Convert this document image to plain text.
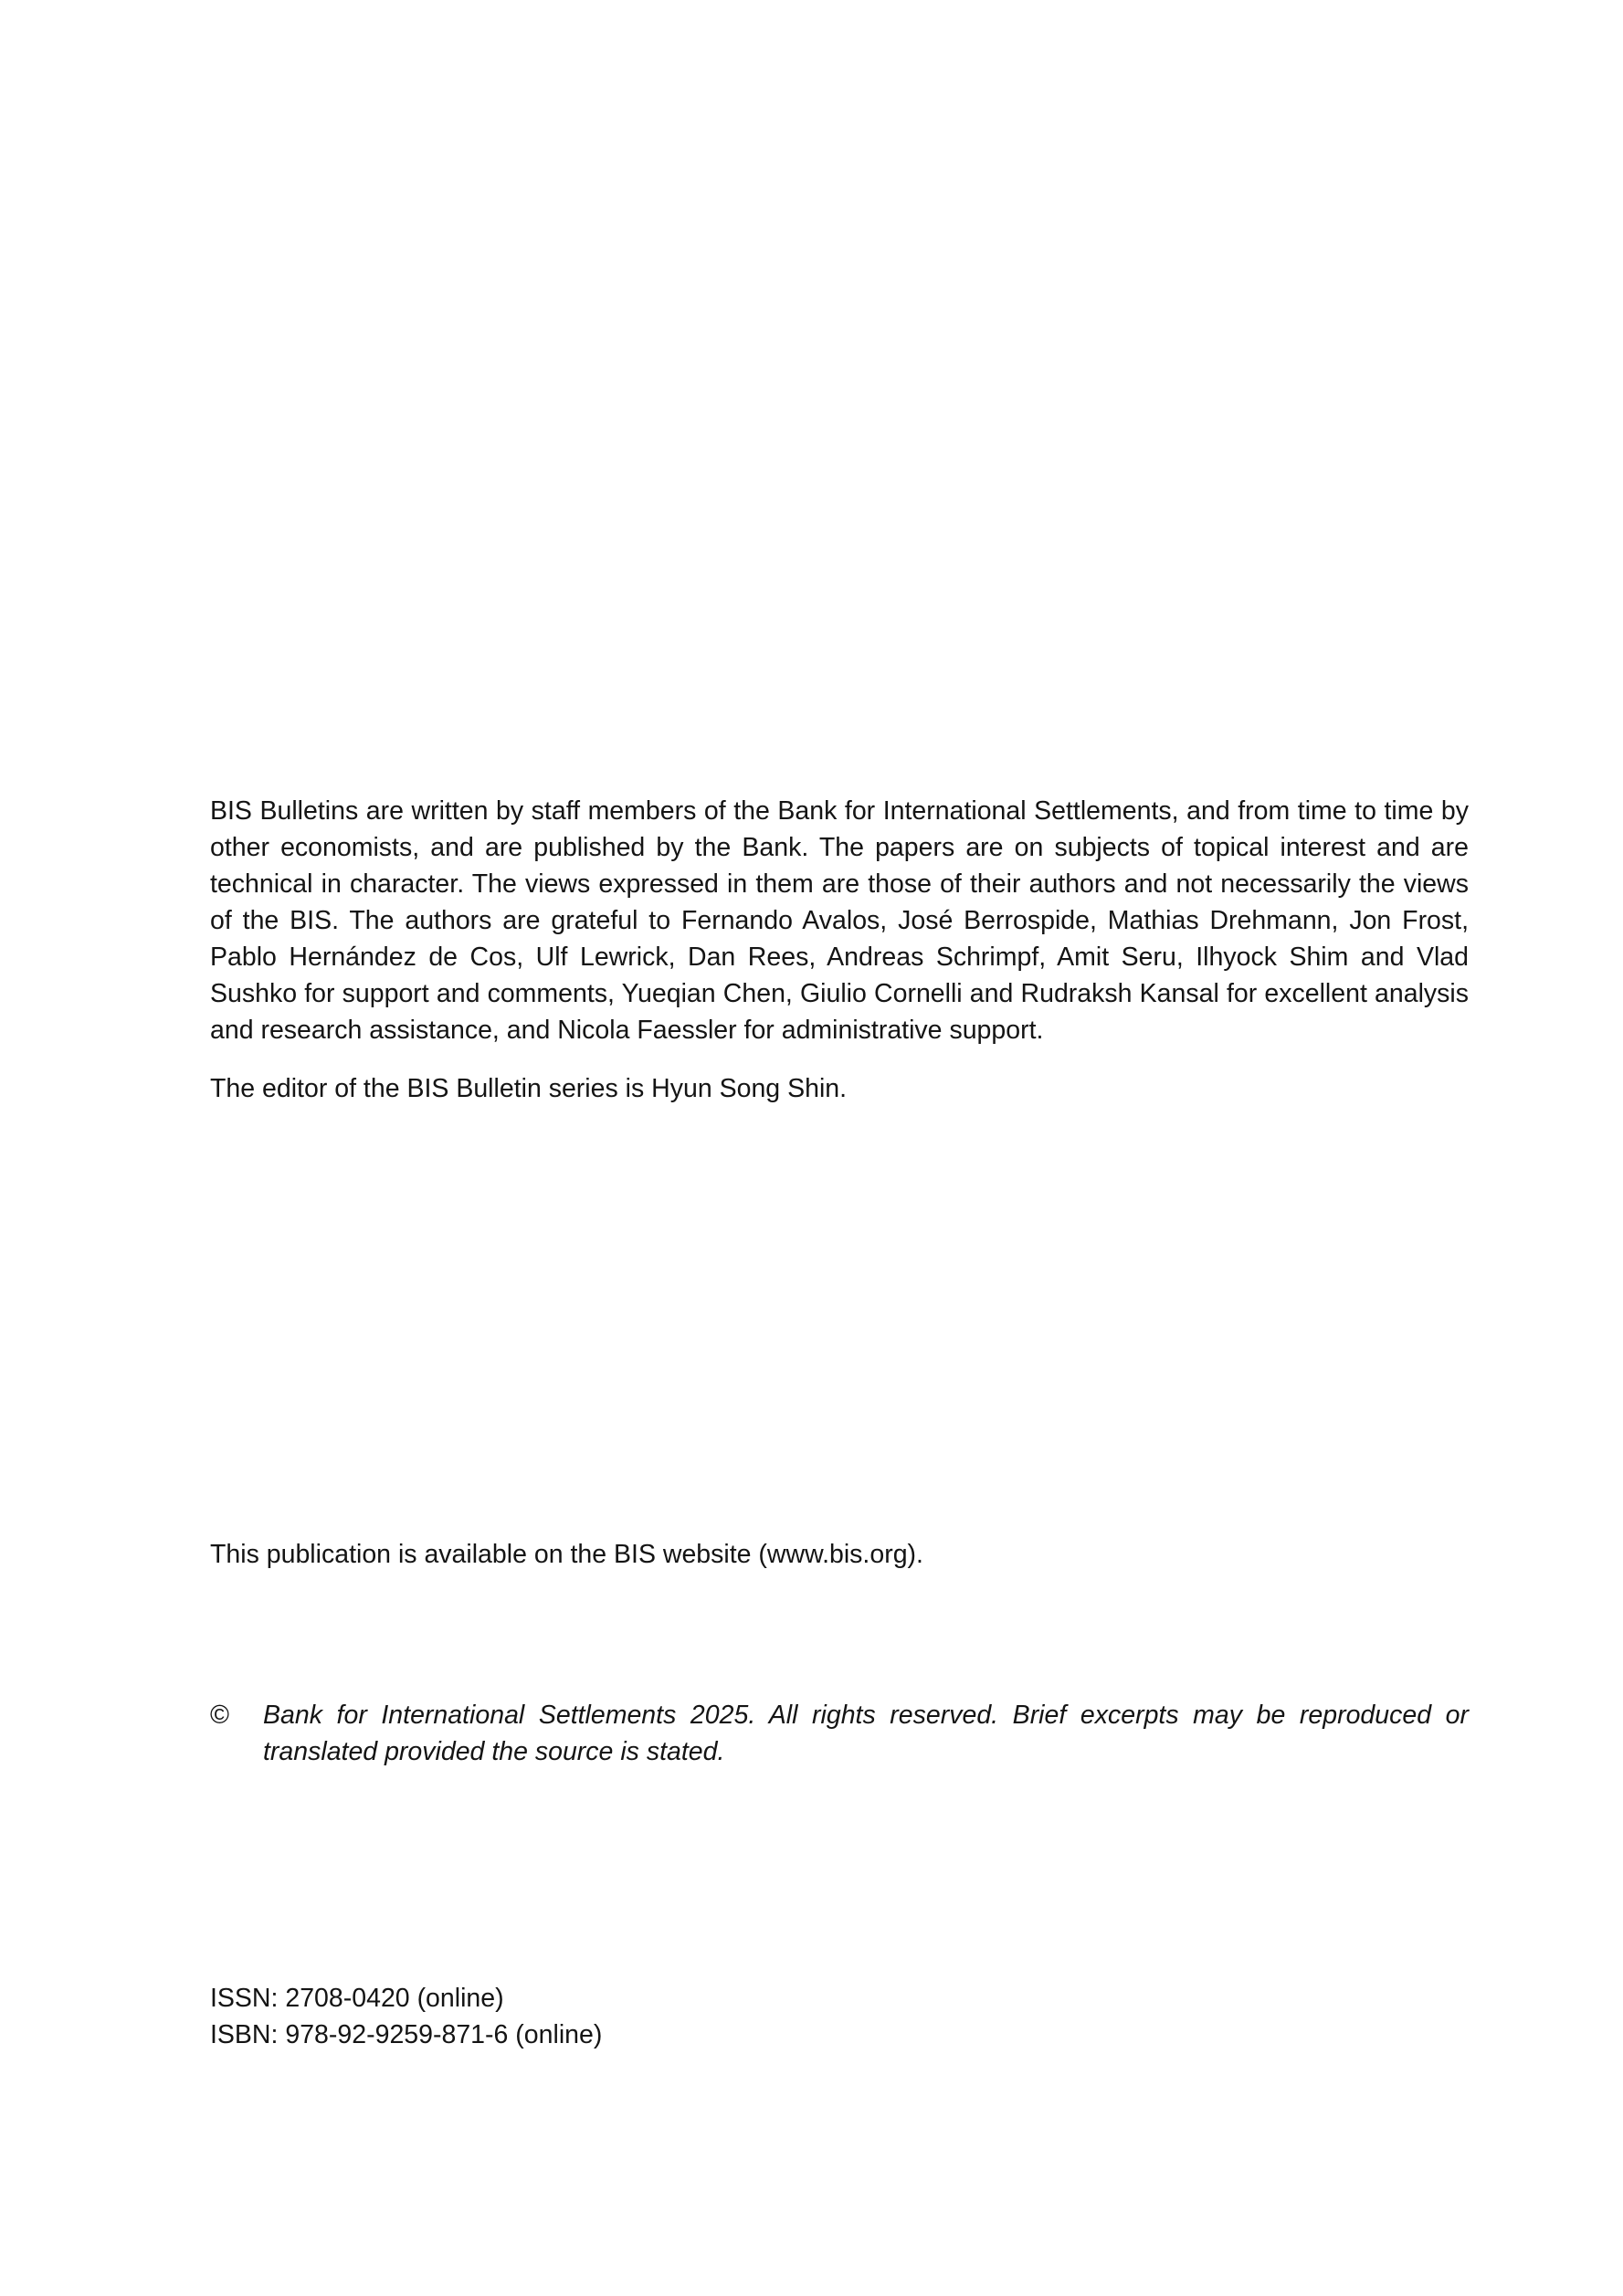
BIS Bulletins are written by staff members of the Bank for International Settlements, and from time to time by other economists, and are published by the Bank. The papers are on subjects of topical interest and are technical in character. The views expressed in them are those of their authors and not necessarily the views of the BIS. The authors are grateful to Fernando Avalos, José Berrospide, Mathias Drehmann, Jon Frost, Pablo Hernández de Cos, Ulf Lewrick, Dan Rees, Andreas Schrimpf, Amit Seru, Ilhyock Shim and Vlad Sushko for support and comments, Yueqian Chen, Giulio Cornelli and Rudraksh Kansal for excellent analysis and research assistance, and Nicola Faessler for administrative support.

The editor of the BIS Bulletin series is Hyun Song Shin.

This publication is available on the BIS website (www.bis.org).

©	Bank for International Settlements 2025. All rights reserved. Brief excerpts may be reproduced or translated provided the source is stated.
ISSN: 2708-0420 (online)
ISBN: 978-92-9259-871-6 (online)
